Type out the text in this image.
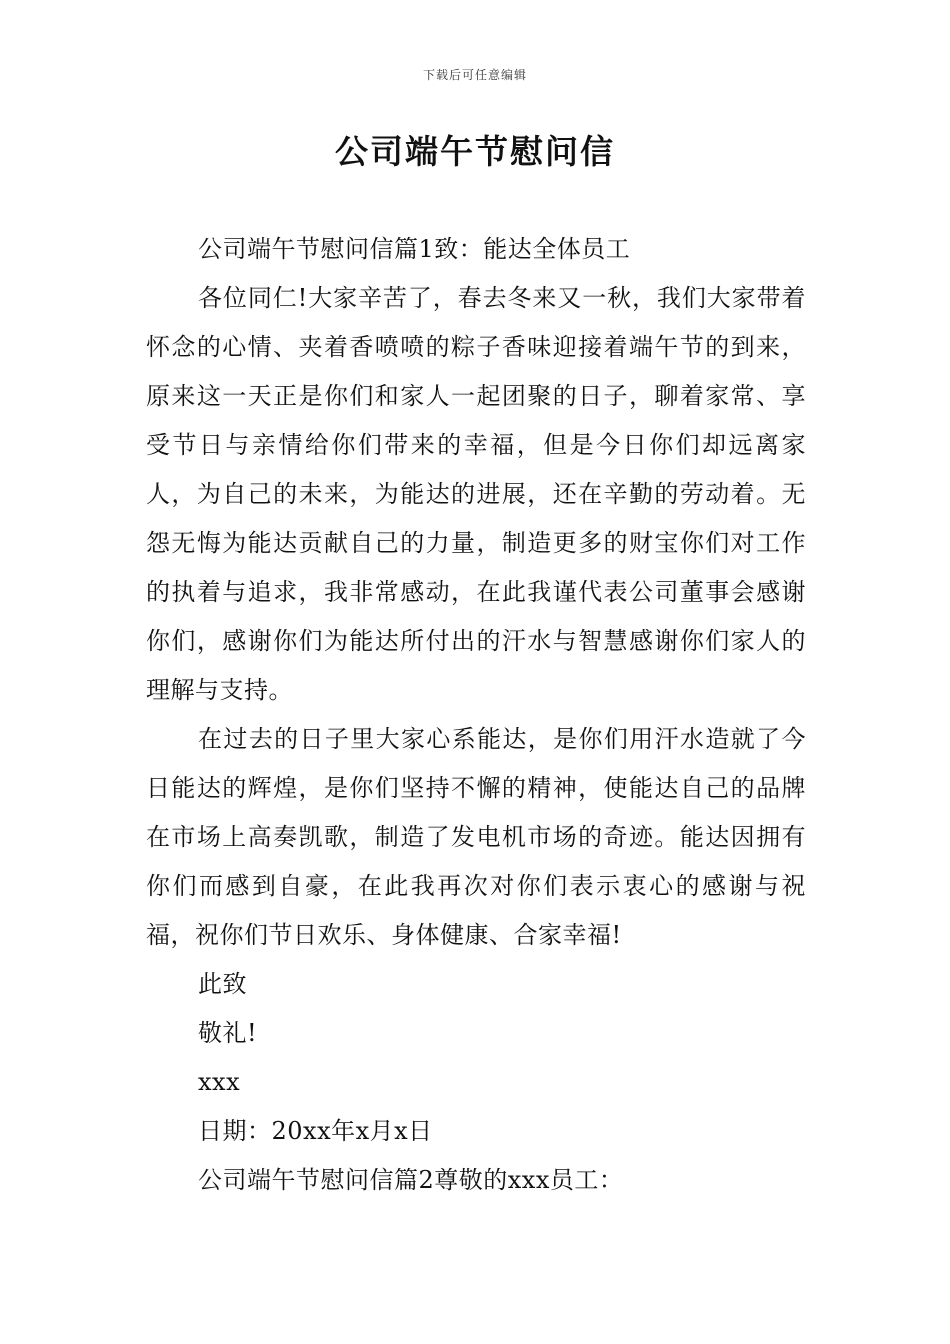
下载后可任意编辑
公司端午节慰问信

公司端午节慰问信篇1致：能达全体员工

各位同仁!大家辛苦了，春去冬来又一秋，我们大家带着怀念的心情、夹着香喷喷的粽子香味迎接着端午节的到来，原来这一天正是你们和家人一起团聚的日子，聊着家常、享受节日与亲情给你们带来的幸福，但是今日你们却远离家人，为自己的未来，为能达的进展，还在辛勤的劳动着。无怨无悔为能达贡献自己的力量，制造更多的财宝你们对工作的执着与追求，我非常感动，在此我谨代表公司董事会感谢你们，感谢你们为能达所付出的汗水与智慧感谢你们家人的理解与支持。

在过去的日子里大家心系能达，是你们用汗水造就了今日能达的辉煌，是你们坚持不懈的精神，使能达自己的品牌在市场上高奏凯歌，制造了发电机市场的奇迹。能达因拥有你们而感到自豪，在此我再次对你们表示衷心的感谢与祝福，祝你们节日欢乐、身体健康、合家幸福!

此致

敬礼!

xxx

日期：20xx年x月x日

公司端午节慰问信篇2尊敬的xxx员工：
